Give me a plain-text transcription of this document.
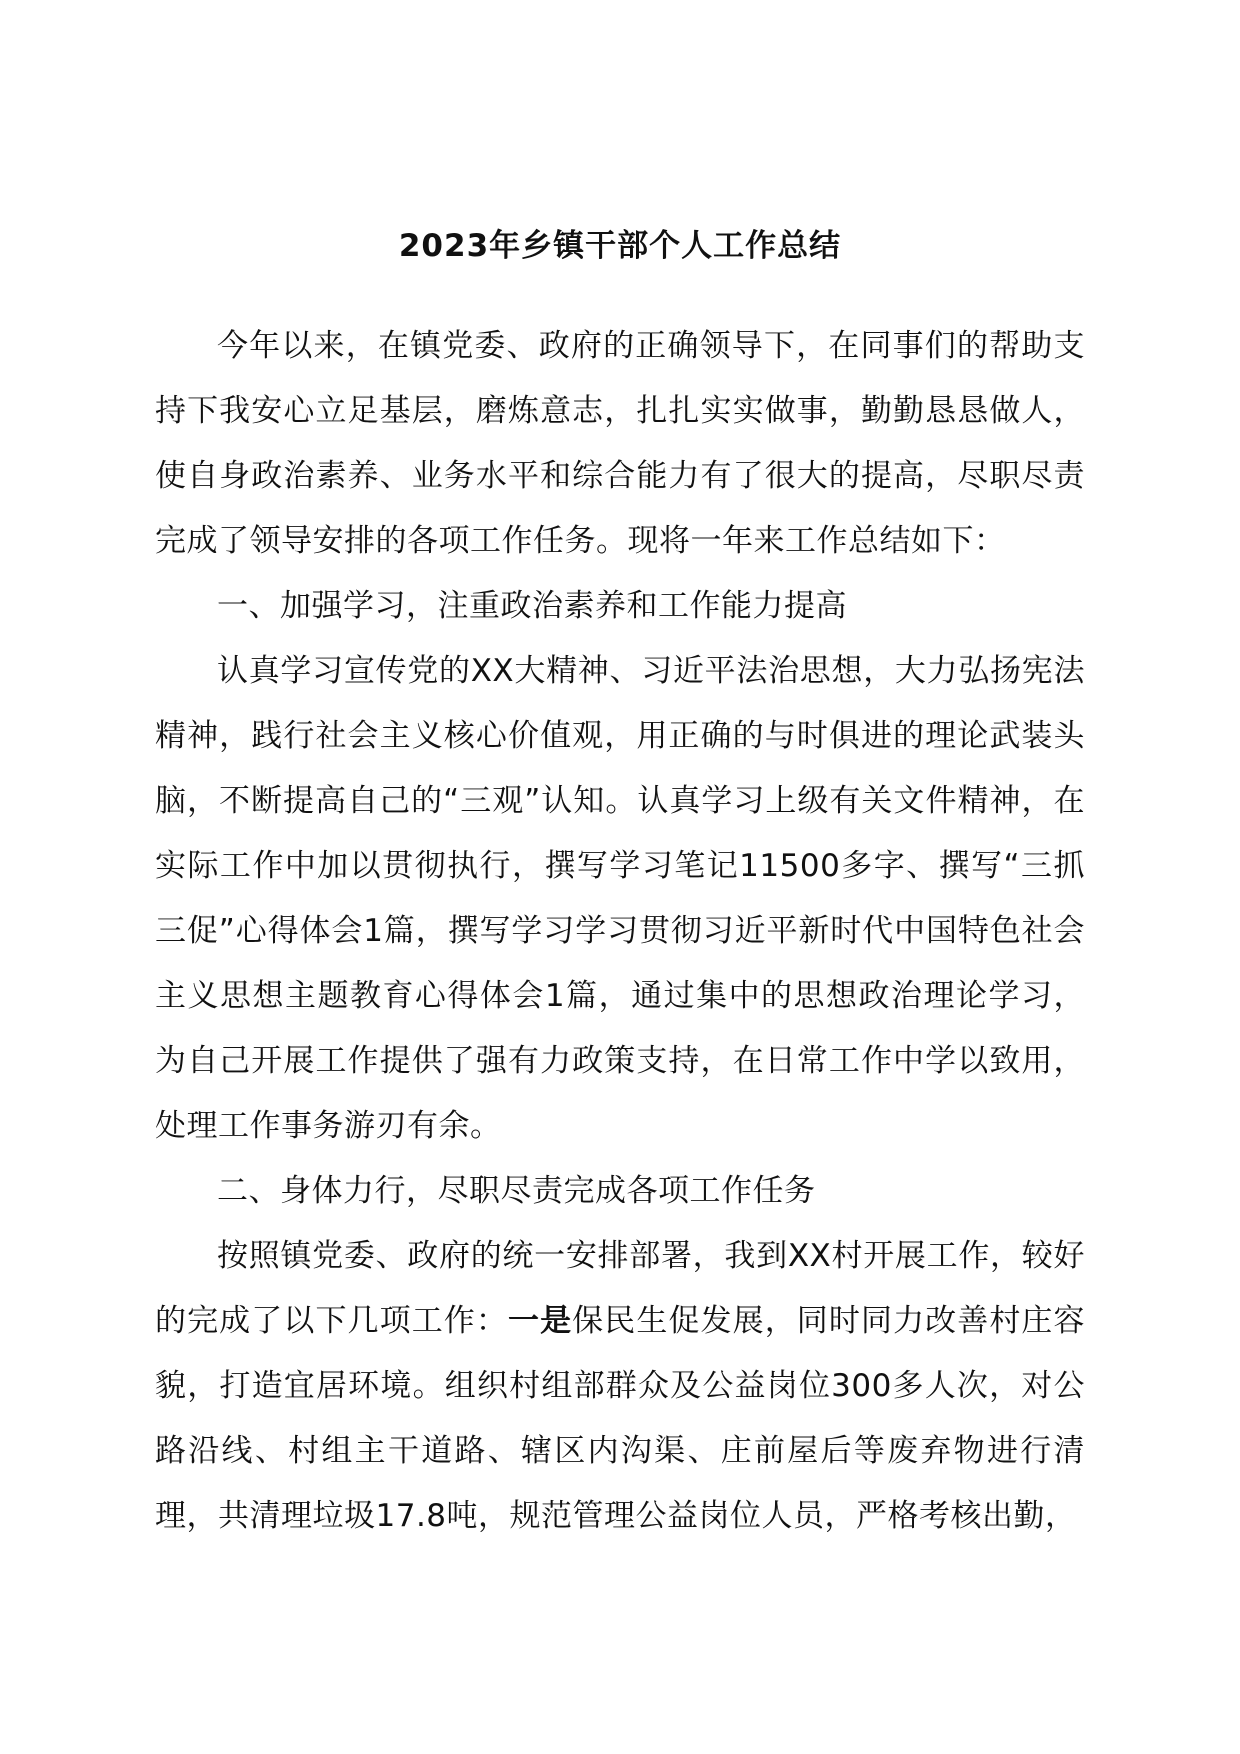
2023年乡镇干部个人工作总结

今年以来，在镇党委、政府的正确领导下，在同事们的帮助支持下我安心立足基层，磨炼意志，扎扎实实做事，勤勤恳恳做人，使自身政治素养、业务水平和综合能力有了很大的提高，尽职尽责完成了领导安排的各项工作任务。现将一年来工作总结如下：

一、加强学习，注重政治素养和工作能力提高

认真学习宣传党的XX大精神、习近平法治思想，大力弘扬宪法精神，践行社会主义核心价值观，用正确的与时俱进的理论武装头脑，不断提高自己的“三观”认知。认真学习上级有关文件精神，在实际工作中加以贯彻执行，撰写学习笔记11500多字、撰写“三抓三促”心得体会1篇，撰写学习学习贯彻习近平新时代中国特色社会主义思想主题教育心得体会1篇，通过集中的思想政治理论学习，为自己开展工作提供了强有力政策支持，在日常工作中学以致用，处理工作事务游刃有余。

二、身体力行，尽职尽责完成各项工作任务

按照镇党委、政府的统一安排部署，我到XX村开展工作，较好的完成了以下几项工作：一是保民生促发展，同时同力改善村庄容貌，打造宜居环境。组织村组部群众及公益岗位300多人次，对公路沿线、村组主干道路、辖区内沟渠、庄前屋后等废弃物进行清理，共清理垃圾17.8吨，规范管理公益岗位人员，严格考核出勤，
